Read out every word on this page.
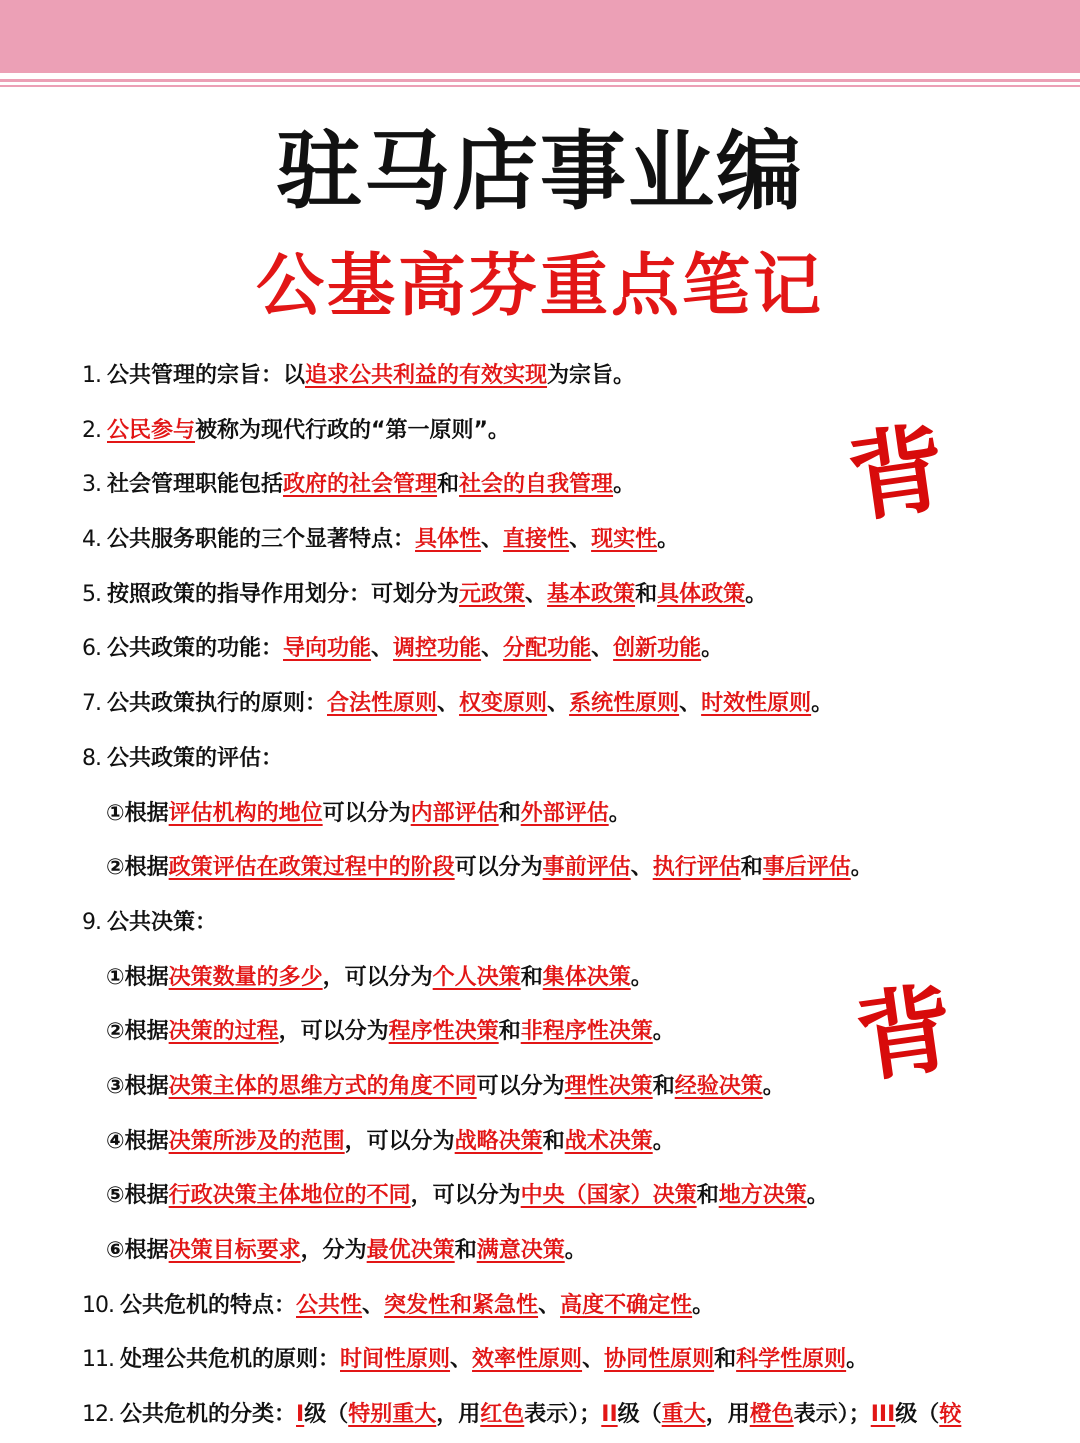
驻马店事业编
公基高芬重点笔记
1. 公共管理的宗旨：以追求公共利益的有效实现为宗旨。
2. 公民参与被称为现代行政的“第一原则”。
3. 社会管理职能包括政府的社会管理和社会的自我管理。
4. 公共服务职能的三个显著特点：具体性、直接性、现实性。
5. 按照政策的指导作用划分：可划分为元政策、基本政策和具体政策。
6. 公共政策的功能：导向功能、调控功能、分配功能、创新功能。
7. 公共政策执行的原则：合法性原则、权变原则、系统性原则、时效性原则。
8. 公共政策的评估：
①根据评估机构的地位可以分为内部评估和外部评估。
②根据政策评估在政策过程中的阶段可以分为事前评估、执行评估和事后评估。
9. 公共决策：
①根据决策数量的多少，可以分为个人决策和集体决策。
②根据决策的过程，可以分为程序性决策和非程序性决策。
③根据决策主体的思维方式的角度不同可以分为理性决策和经验决策。
④根据决策所涉及的范围，可以分为战略决策和战术决策。
⑤根据行政决策主体地位的不同，可以分为中央（国家）决策和地方决策。
⑥根据决策目标要求，分为最优决策和满意决策。
10. 公共危机的特点：公共性、突发性和紧急性、高度不确定性。
11. 处理公共危机的原则：时间性原则、效率性原则、协同性原则和科学性原则。
12. 公共危机的分类：I级（特别重大，用红色表示）；II级（重大，用橙色表示）；III级（较
背
背
